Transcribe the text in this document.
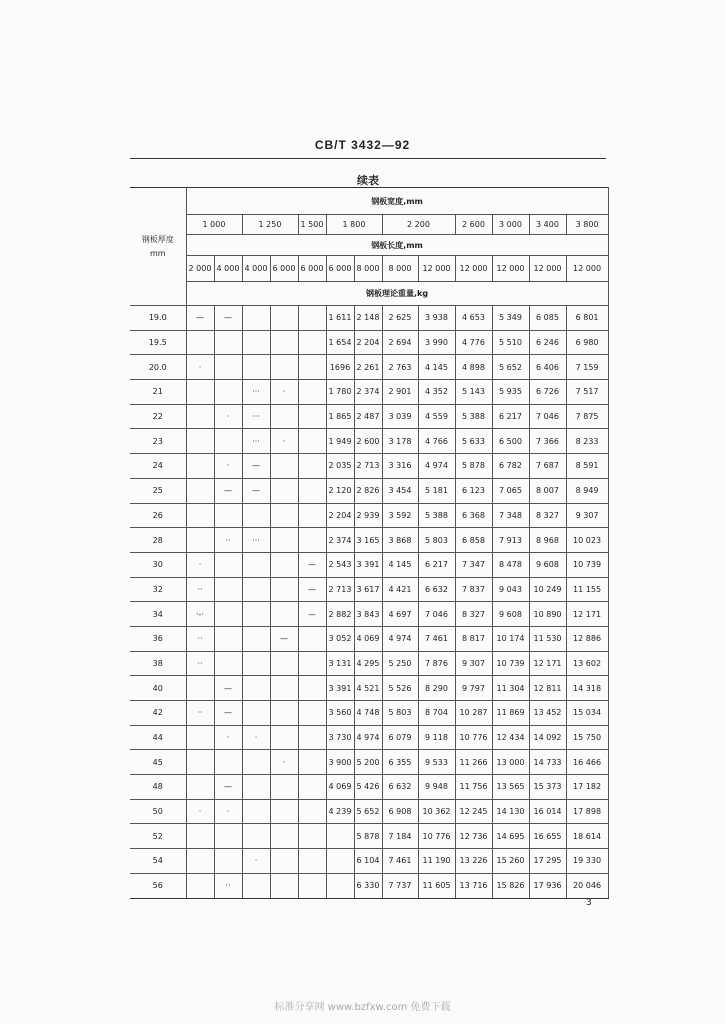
CB/T 3432—92
续表
钢板厚度
mm	钢板宽度,mm												
	1 000		1 250		1 500	1 800		2 200		2 600	3 000	3 400	3 800
	钢板长度,mm												
	2 000	4 000	4 000	6 000	6 000	6 000	8 000	8 000	12 000	12 000	12 000	12 000	12 000
	钢板理论重量,kg												
19.0	—	—				1 611	2 148	2 625	3 938	4 653	5 349	6 085	6 801
19.5						1 654	2 204	2 694	3 990	4 776	5 510	6 246	6 980
20.0	·					1696	2 261	2 763	4 145	4 898	5 652	6 406	7 159
21			···	·		1 780	2 374	2 901	4 352	5 143	5 935	6 726	7 517
22		·	···			1 865	2 487	3 039	4 559	5 388	6 217	7 046	7 875
23			···	·		1 949	2 600	3 178	4 766	5 633	6 500	7 366	8 233
24		·	—			2 035	2 713	3 316	4 974	5 878	6 782	7 687	8 591
25		—	—			2 120	2 826	3 454	5 181	6 123	7 065	8 007	8 949
26						2 204	2 939	3 592	5 388	6 368	7 348	8 327	9 307
28		··	···			2 374	3 165	3 868	5 803	6 858	7 913	8 968	10 023
30	·				—	2 543	3 391	4 145	6 217	7 347	8 478	9 608	10 739
32	··				—	2 713	3 617	4 421	6 632	7 837	9 043	10 249	11 155
34	·-·				—	2 882	3 843	4 697	7 046	8 327	9 608	10 890	12 171
36	··			—		3 052	4 069	4 974	7 461	8 817	10 174	11 530	12 886
38	··					3 131	4 295	5 250	7 876	9 307	10 739	12 171	13 602
40		—				3 391	4 521	5 526	8 290	9 797	11 304	12 811	14 318
42	··	—				3 560	4 748	5 803	8 704	10 287	11 869	13 452	15 034
44		·	·			3 730	4 974	6 079	9 118	10 776	12 434	14 092	15 750
45				·		3 900	5 200	6 355	9 533	11 266	13 000	14 733	16 466
48		—				4 069	5 426	6 632	9 948	11 756	13 565	15 373	17 182
50	·	·				4 239	5 652	6 908	10 362	12 245	14 130	16 014	17 898
52							5 878	7 184	10 776	12 736	14 695	16 655	18 614
54			·				6 104	7 461	11 190	13 226	15 260	17 295	19 330
56		··					6 330	7 737	11 605	13 716	15 826	17 936	20 046
3
标准分享网 www.bzfxw.com 免费下载
